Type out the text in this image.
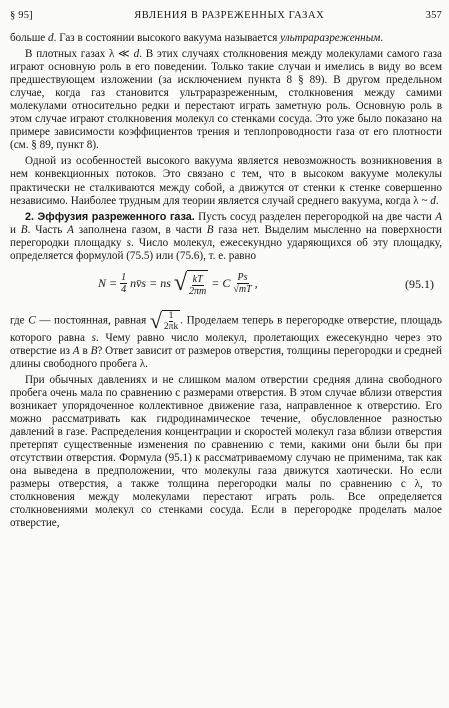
§ 95]	ЯВЛЕНИЯ В РАЗРЕЖЕННЫХ ГАЗАХ	357

больше d. Газ в состоянии высокого вакуума называется ультраразреженным.

В плотных газах λ ≪ d. В этих случаях столкновения между молекулами самого газа играют основную роль в его поведении. Только такие случаи и имелись в виду во всем предшествующем изложении (за исключением пункта 8 § 89). В другом предельном случае, когда газ становится ультраразреженным, столкновения между самими молекулами относительно редки и перестают играть заметную роль. Основную роль в этом случае играют столкновения молекул со стенками сосуда. Это уже было показано на примере зависимости коэффициентов трения и теплопроводности газа от его плотности (см. § 89, пункт 8).

Одной из особенностей высокого вакуума является невозможность возникновения в нем конвекционных потоков. Это связано с тем, что в высоком вакууме молекулы практически не сталкиваются между собой, а движутся от стенки к стенке совершенно независимо. Наиболее трудным для теории является случай среднего вакуума, когда λ ~ d.

2. Эффузия разреженного газа. Пусть сосуд разделен перегородкой на две части A и B. Часть A заполнена газом, в части B газа нет. Выделим мысленно на поверхности перегородки площадку s. Число молекул, ежесекундно ударяющихся об эту площадку, определяется формулой (75.5) или (75.6), т. е. равно

$N = \frac{1}{4}$ nv̄s = ns √ $\frac{kT}{2\pi m} = C \frac{Ps}{√mT}$ ,	(95.1)

где C — постоянная, равная √ 1
2πk
. Проделаем теперь в перегородке отверстие, площадь которого равна s. Чему равно число молекул, пролетающих ежесекундно через это отверстие из A в B? Ответ зависит от размеров отверстия, толщины перегородки и средней длины свободного пробега λ.

При обычных давлениях и не слишком малом отверстии средняя длина свободного пробега очень мала по сравнению с размерами отверстия. В этом случае вблизи отверстия возникает упорядоченное коллективное движение газа, направленное к отверстию. Его можно рассматривать как гидродинамическое течение, обусловленное разностью давлений в газе. Распределения концентрации и скоростей молекул газа вблизи отверстия претерпят существенные изменения по сравнению с теми, какими они были бы при отсутствии отверстия. Формула (95.1) к рассматриваемому случаю не применима, так как она выведена в предположении, что молекулы газа движутся хаотически. Но если размеры отверстия, а также толщина перегородки малы по сравнению с λ, то столкновения между молекулами перестают играть роль. Все определяется столкновениями молекул со стенками сосуда. Если в перегородке проделать малое отверстие,
